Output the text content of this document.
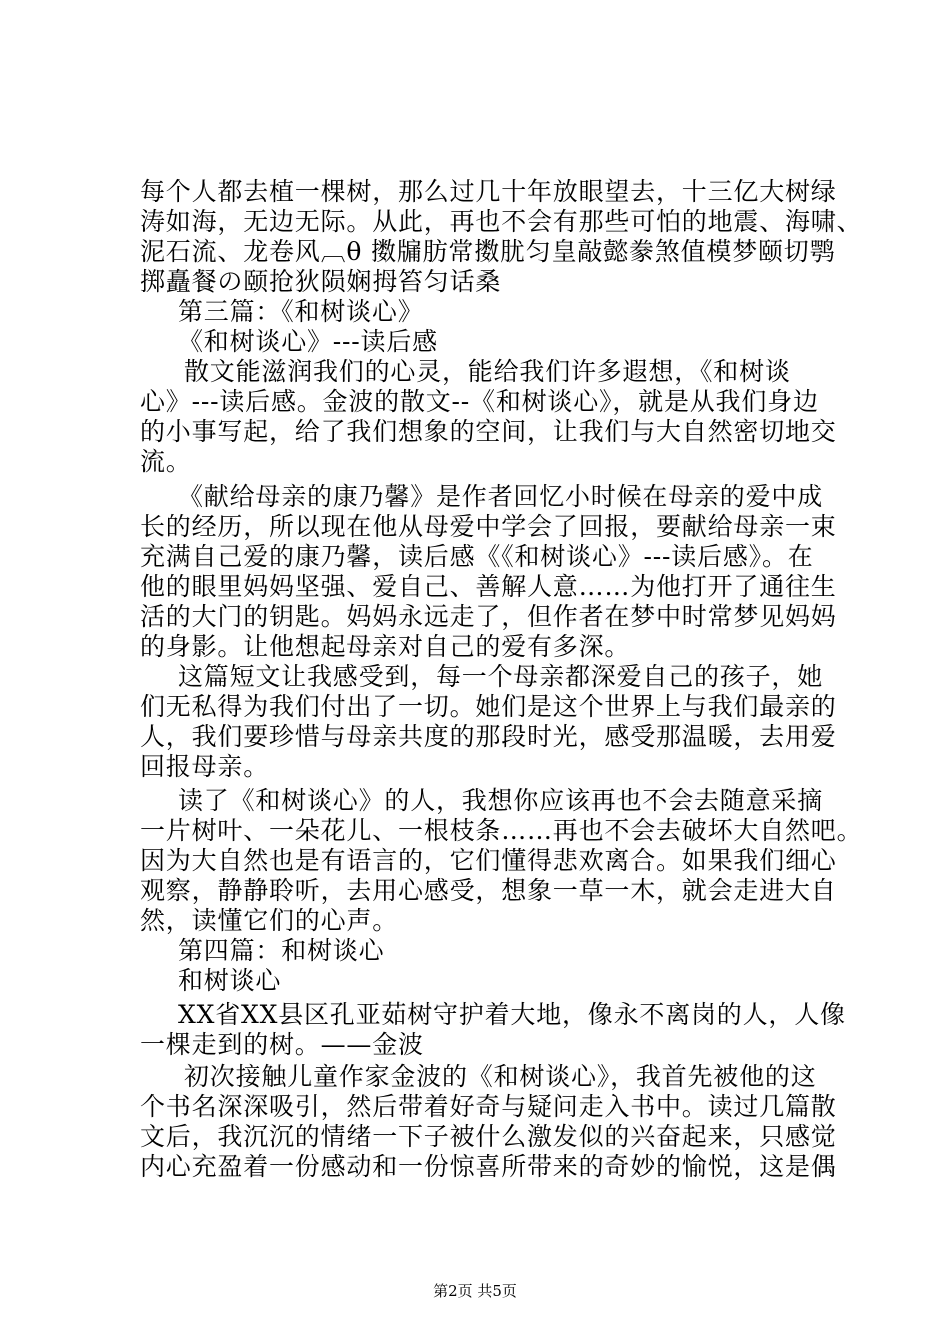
每个人都去植一棵树，那么过几十年放眼望去，十三亿大树绿
涛如海，无边无际。从此，再也不会有那些可怕的地震、海啸、
泥石流、龙卷风︹θ 擞牖肪常擞肬匀皇敲懿豢煞值模梦颐切鹗
掷矗餐の颐抢狄陨娴拇笞匀话桑
第三篇：《和树谈心》
《和树谈心》---读后感
散文能滋润我们的心灵，能给我们许多遐想，《和树谈
心》---读后感。金波的散文--《和树谈心》，就是从我们身边
的小事写起，给了我们想象的空间，让我们与大自然密切地交
流。
《献给母亲的康乃馨》是作者回忆小时候在母亲的爱中成
长的经历，所以现在他从母爱中学会了回报，要献给母亲一束
充满自己爱的康乃馨，读后感《《和树谈心》---读后感》。在
他的眼里妈妈坚强、爱自己、善解人意……为他打开了通往生
活的大门的钥匙。妈妈永远走了，但作者在梦中时常梦见妈妈
的身影。让他想起母亲对自己的爱有多深。
这篇短文让我感受到，每一个母亲都深爱自己的孩子，她
们无私得为我们付出了一切。她们是这个世界上与我们最亲的
人，我们要珍惜与母亲共度的那段时光，感受那温暖，去用爱
回报母亲。
读了《和树谈心》的人，我想你应该再也不会去随意采摘
一片树叶、一朵花儿、一根枝条……再也不会去破坏大自然吧。
因为大自然也是有语言的，它们懂得悲欢离合。如果我们细心
观察，静静聆听，去用心感受，想象一草一木，就会走进大自
然，读懂它们的心声。
第四篇：和树谈心
和树谈心
XX省XX县区孔亚茹树守护着大地，像永不离岗的人，人像
一棵走到的树。——金波
初次接触儿童作家金波的《和树谈心》，我首先被他的这
个书名深深吸引，然后带着好奇与疑问走入书中。读过几篇散
文后，我沉沉的情绪一下子被什么激发似的兴奋起来，只感觉
内心充盈着一份感动和一份惊喜所带来的奇妙的愉悦，这是偶
第2页 共5页
